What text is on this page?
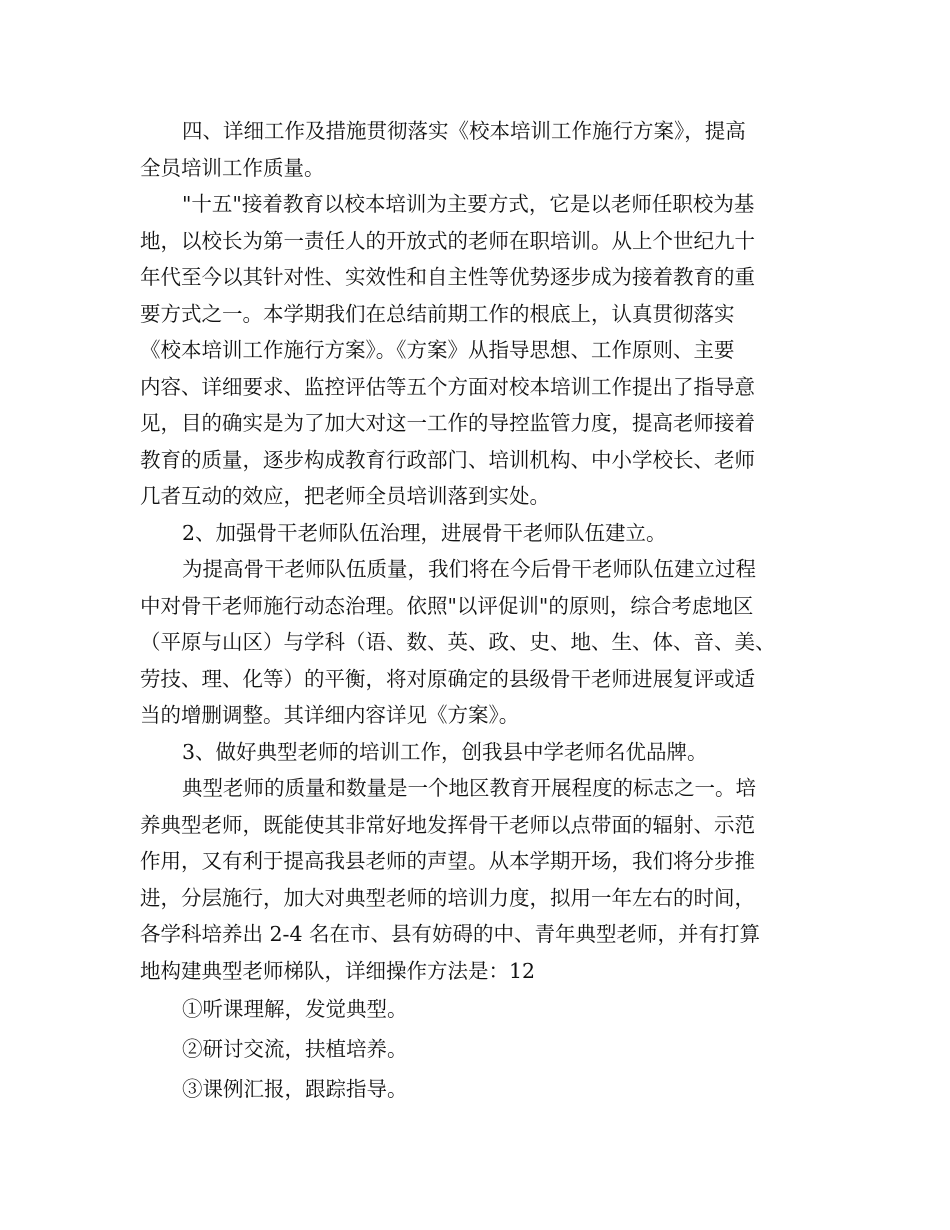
四、详细工作及措施贯彻落实《校本培训工作施行方案》，提高
全员培训工作质量。
"十五"接着教育以校本培训为主要方式，它是以老师任职校为基
地，以校长为第一责任人的开放式的老师在职培训。从上个世纪九十
年代至今以其针对性、实效性和自主性等优势逐步成为接着教育的重
要方式之一。本学期我们在总结前期工作的根底上，认真贯彻落实
《校本培训工作施行方案》。《方案》从指导思想、工作原则、主要
内容、详细要求、监控评估等五个方面对校本培训工作提出了指导意
见，目的确实是为了加大对这一工作的导控监管力度，提高老师接着
教育的质量，逐步构成教育行政部门、培训机构、中小学校长、老师
几者互动的效应，把老师全员培训落到实处。
2、加强骨干老师队伍治理，进展骨干老师队伍建立。
为提高骨干老师队伍质量，我们将在今后骨干老师队伍建立过程
中对骨干老师施行动态治理。依照"以评促训"的原则，综合考虑地区
（平原与山区）与学科（语、数、英、政、史、地、生、体、音、美、
劳技、理、化等）的平衡，将对原确定的县级骨干老师进展复评或适
当的增删调整。其详细内容详见《方案》。
3、做好典型老师的培训工作，创我县中学老师名优品牌。
典型老师的质量和数量是一个地区教育开展程度的标志之一。培
养典型老师，既能使其非常好地发挥骨干老师以点带面的辐射、示范
作用，又有利于提高我县老师的声望。从本学期开场，我们将分步推
进，分层施行，加大对典型老师的培训力度，拟用一年左右的时间，
各学科培养出 2-4 名在市、县有妨碍的中、青年典型老师，并有打算
地构建典型老师梯队，详细操作方法是：12
①听课理解，发觉典型。
②研讨交流，扶植培养。
③课例汇报，跟踪指导。
